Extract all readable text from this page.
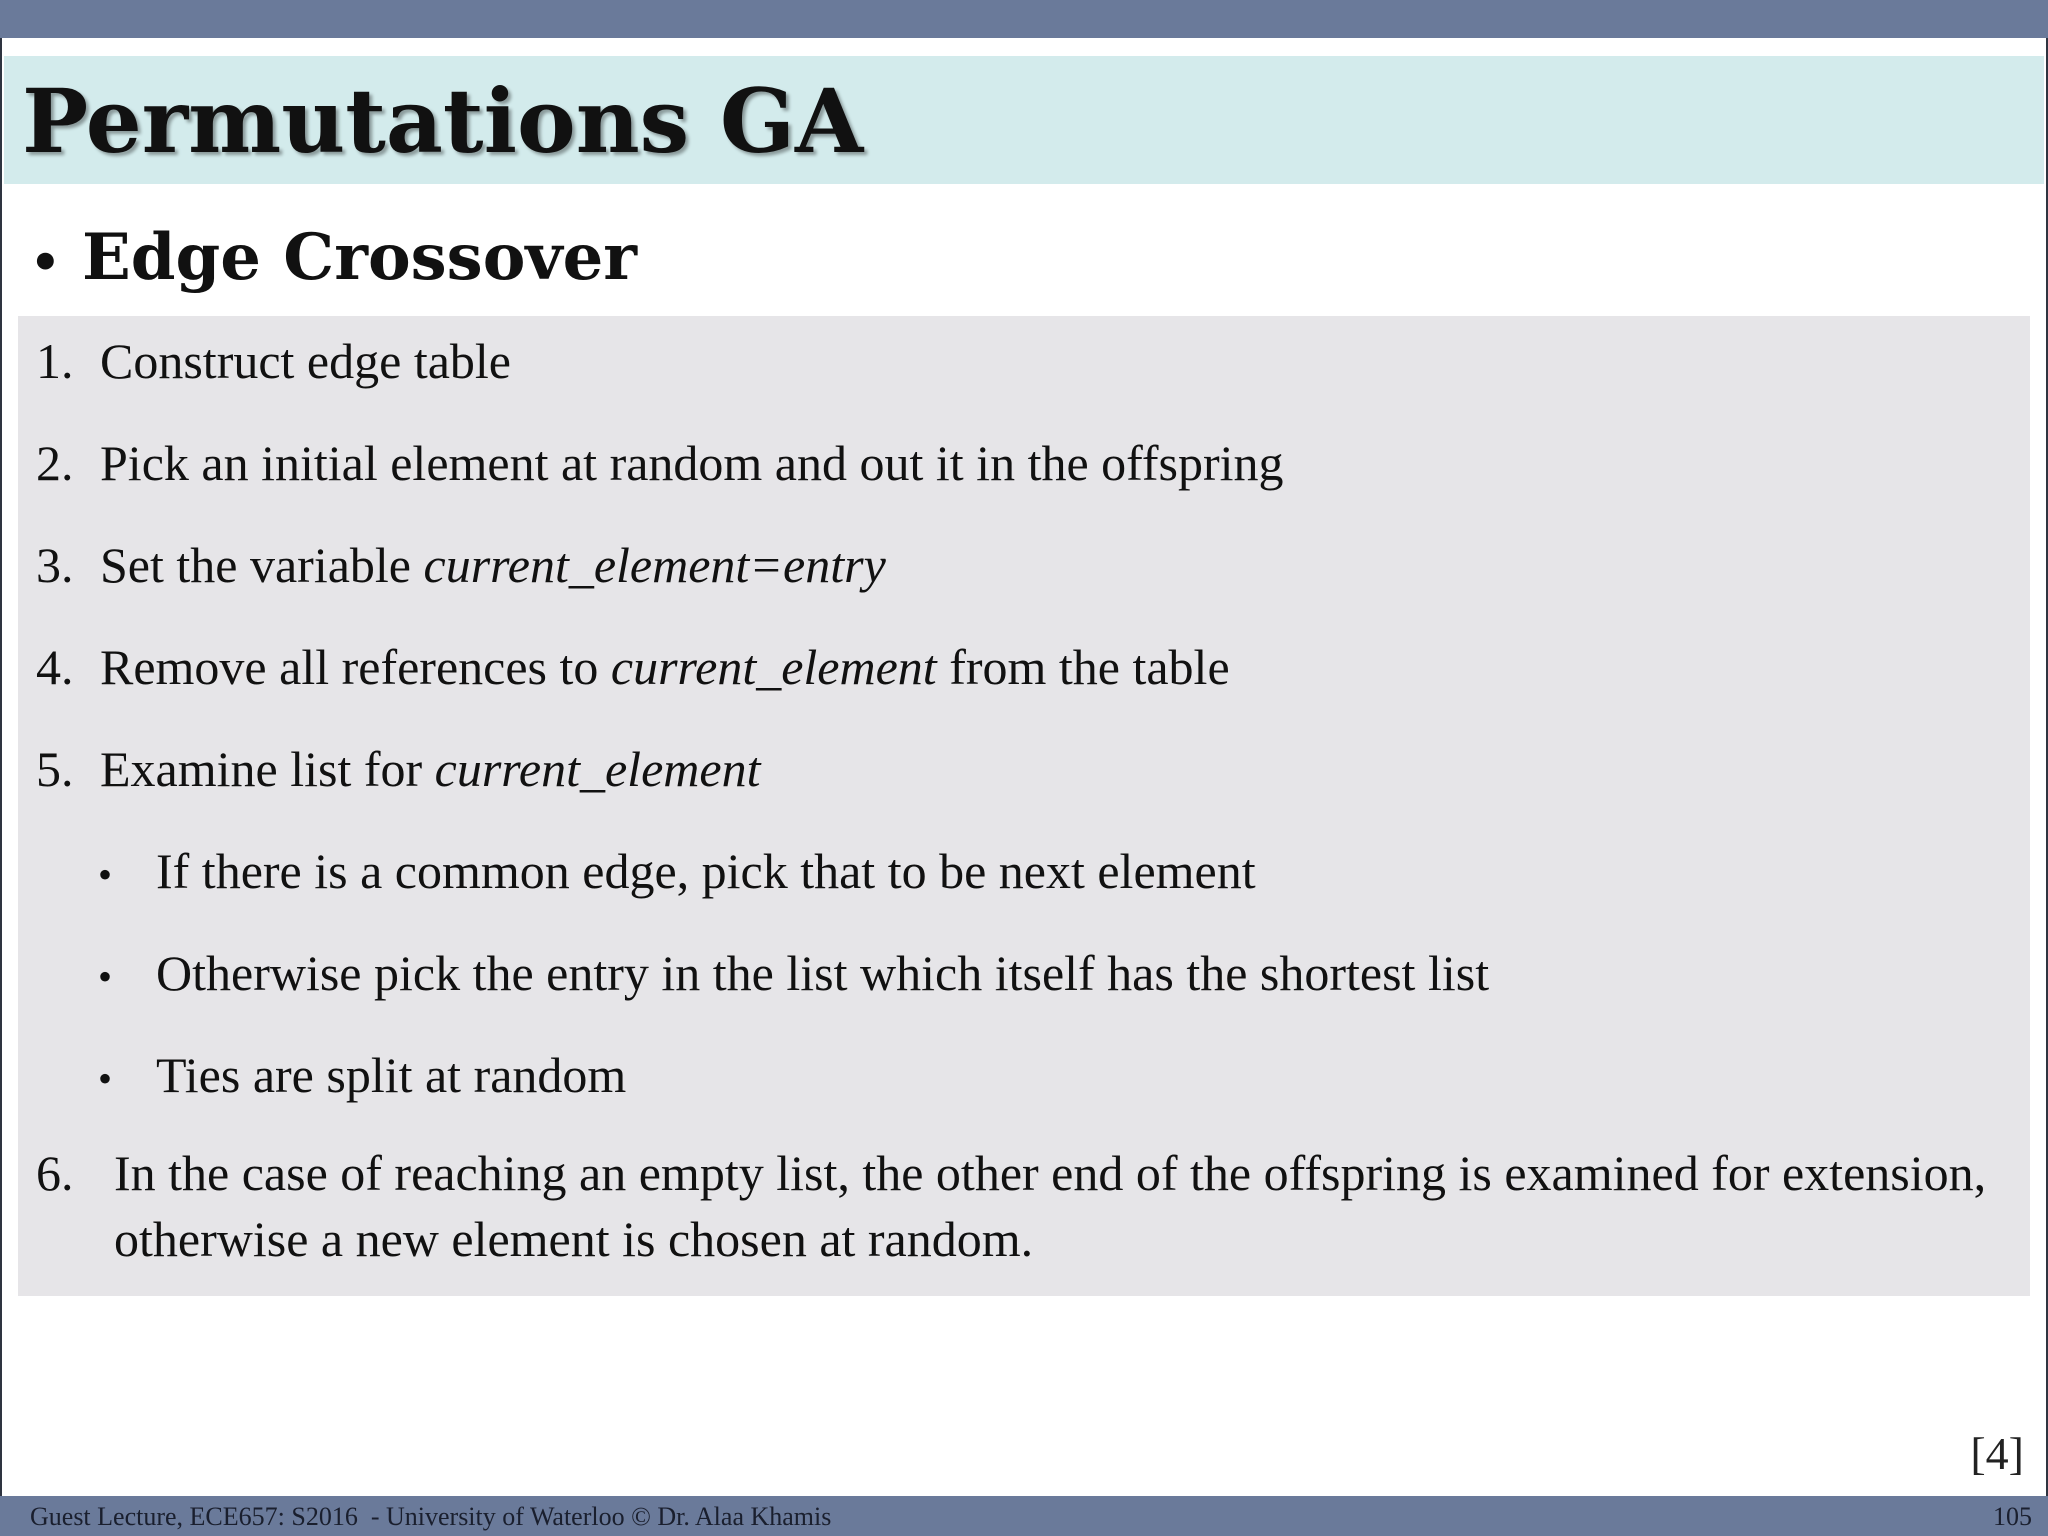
Permutations GA
• Edge Crossover
1. Construct edge table
2. Pick an initial element at random and out it in the offspring
3. Set the variable current_element=entry
4. Remove all references to current_element from the table
5. Examine list for current_element
• If there is a common edge, pick that to be next element
• Otherwise pick the entry in the list which itself has the shortest list
• Ties are split at random
6. In the case of reaching an empty list, the other end of the offspring is examined for extension, otherwise a new element is chosen at random.
[4]
Guest Lecture, ECE657: S2016  - University of Waterloo © Dr. Alaa Khamis	105
